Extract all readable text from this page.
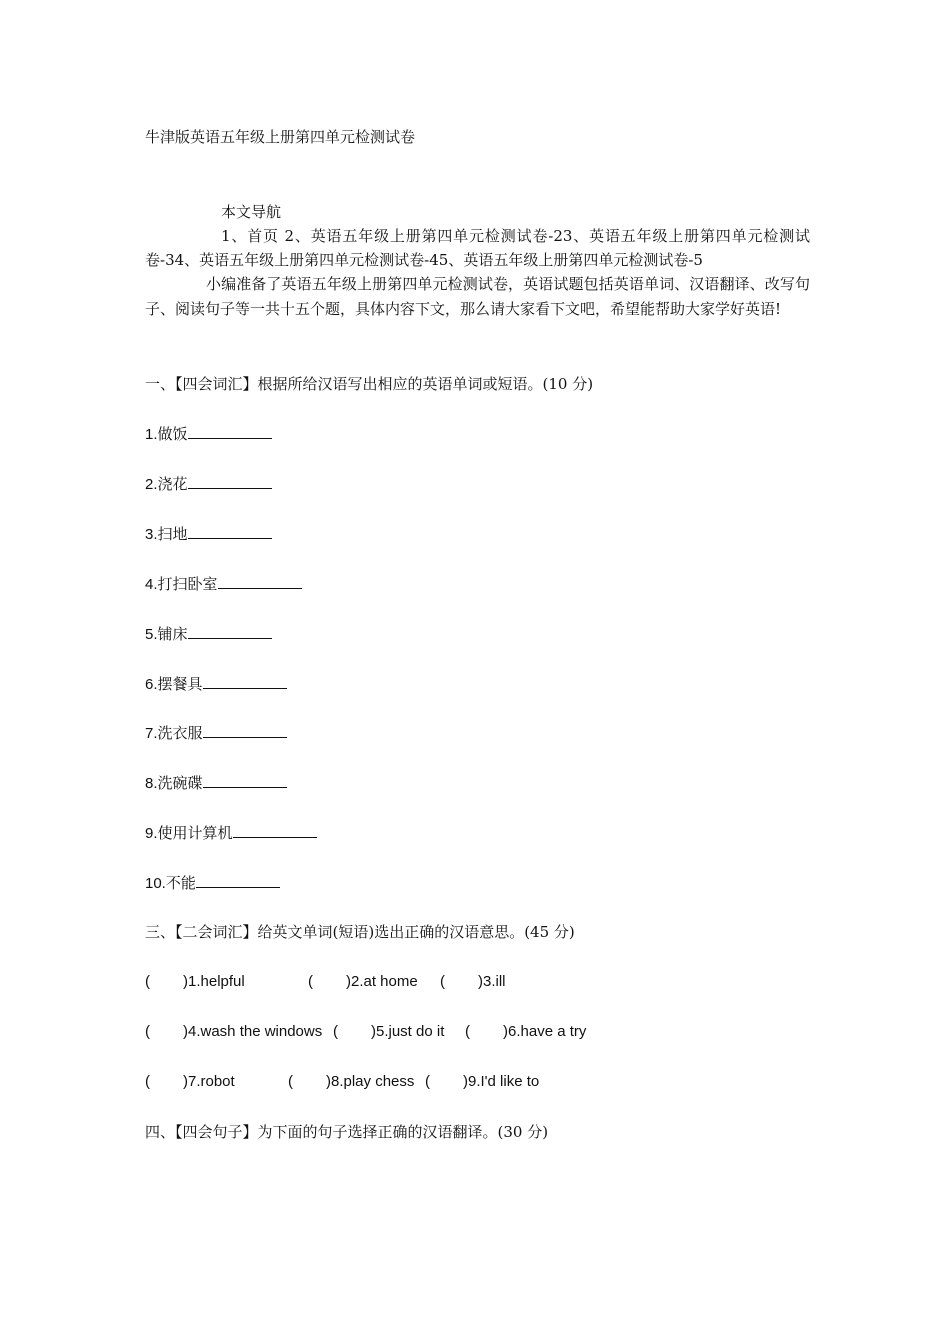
牛津版英语五年级上册第四单元检测试卷
本文导航
1、首页 2、英语五年级上册第四单元检测试卷-23、英语五年级上册第四单元检测试卷-34、英语五年级上册第四单元检测试卷-45、英语五年级上册第四单元检测试卷-5
小编准备了英语五年级上册第四单元检测试卷，英语试题包括英语单词、汉语翻译、改写句子、阅读句子等一共十五个题，具体内容下文，那么请大家看下文吧，希望能帮助大家学好英语!
一、【四会词汇】根据所给汉语写出相应的英语单词或短语。(10 分)
1.做饭
2.浇花
3.扫地
4.打扫卧室
5.铺床
6.摆餐具
7.洗衣服
8.洗碗碟
9.使用计算机
10.不能
三、【二会词汇】给英文单词(短语)选出正确的汉语意思。(45 分)
( )1.helpful	( )2.at home ( )3.ill
( )4.wash the windows ( )5.just do it ( )6.have a try
( )7.robot	( )8.play chess ( )9.I'd like to
四、【四会句子】为下面的句子选择正确的汉语翻译。(30 分)
